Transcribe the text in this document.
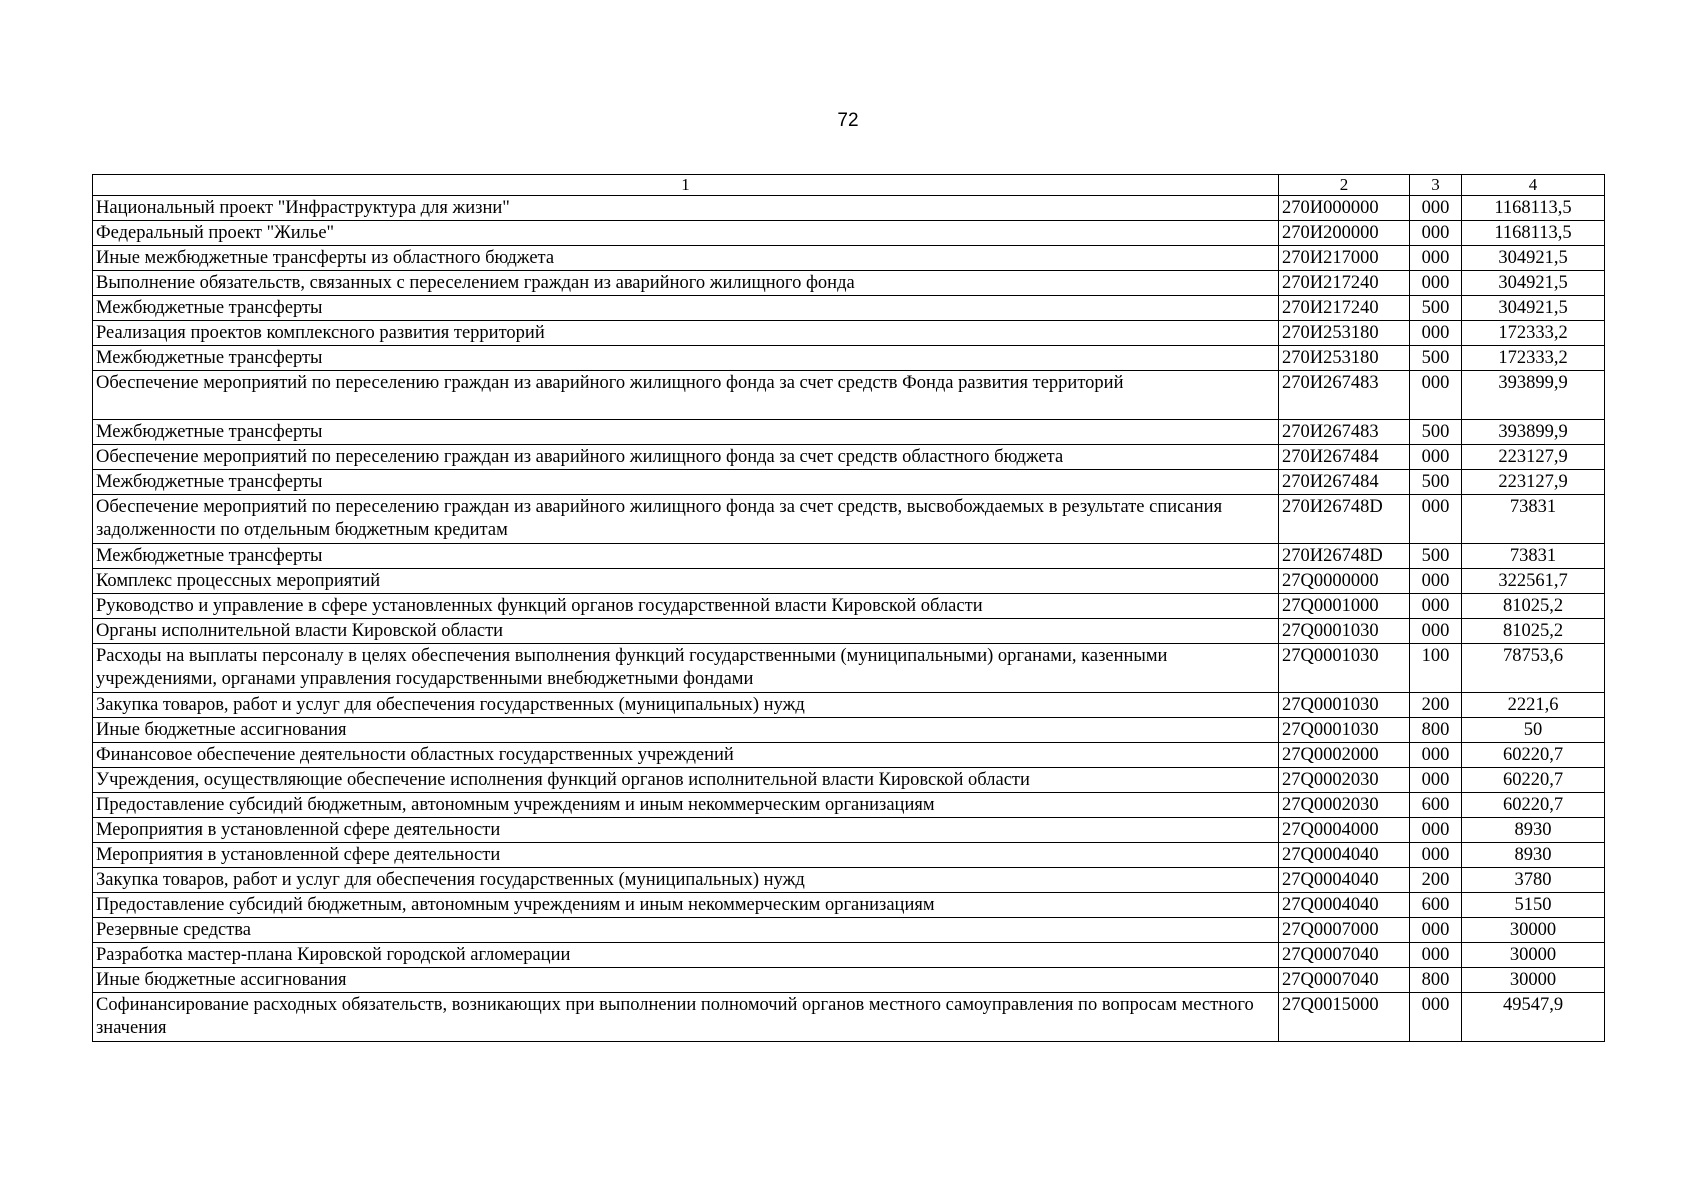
72
1	2	3	4
Национальный проект "Инфраструктура для жизни"	270И000000	000	1168113,5
Федеральный проект "Жилье"	270И200000	000	1168113,5
Иные межбюджетные трансферты из областного бюджета	270И217000	000	304921,5
Выполнение обязательств, связанных с переселением граждан из аварийного жилищного фонда	270И217240	000	304921,5
Межбюджетные трансферты	270И217240	500	304921,5
Реализация проектов комплексного развития территорий	270И253180	000	172333,2
Межбюджетные трансферты	270И253180	500	172333,2
Обеспечение мероприятий по переселению граждан из аварийного жилищного фонда за счет средств Фонда развития территорий	270И267483	000	393899,9
Межбюджетные трансферты	270И267483	500	393899,9
Обеспечение мероприятий по переселению граждан из аварийного жилищного фонда за счет средств областного бюджета	270И267484	000	223127,9
Межбюджетные трансферты	270И267484	500	223127,9
Обеспечение мероприятий по переселению граждан из аварийного жилищного фонда за счет средств, высвобождаемых в результате списания задолженности по отдельным бюджетным кредитам	270И26748D	000	73831
Межбюджетные трансферты	270И26748D	500	73831
Комплекс процессных мероприятий	27Q0000000	000	322561,7
Руководство и управление в сфере установленных функций органов государственной власти Кировской области	27Q0001000	000	81025,2
Органы исполнительной власти Кировской области	27Q0001030	000	81025,2
Расходы на выплаты персоналу в целях обеспечения выполнения функций государственными (муниципальными) органами, казенными учреждениями, органами управления государственными внебюджетными фондами	27Q0001030	100	78753,6
Закупка товаров, работ и услуг для обеспечения государственных (муниципальных) нужд	27Q0001030	200	2221,6
Иные бюджетные ассигнования	27Q0001030	800	50
Финансовое обеспечение деятельности областных государственных учреждений	27Q0002000	000	60220,7
Учреждения, осуществляющие обеспечение исполнения функций органов исполнительной власти Кировской области	27Q0002030	000	60220,7
Предоставление субсидий бюджетным, автономным учреждениям и иным некоммерческим организациям	27Q0002030	600	60220,7
Мероприятия в установленной сфере деятельности	27Q0004000	000	8930
Мероприятия в установленной сфере деятельности	27Q0004040	000	8930
Закупка товаров, работ и услуг для обеспечения государственных (муниципальных) нужд	27Q0004040	200	3780
Предоставление субсидий бюджетным, автономным учреждениям и иным некоммерческим организациям	27Q0004040	600	5150
Резервные средства	27Q0007000	000	30000
Разработка мастер-плана Кировской городской агломерации	27Q0007040	000	30000
Иные бюджетные ассигнования	27Q0007040	800	30000
Софинансирование расходных обязательств, возникающих при выполнении полномочий органов местного самоуправления по вопросам местного значения	27Q0015000	000	49547,9
